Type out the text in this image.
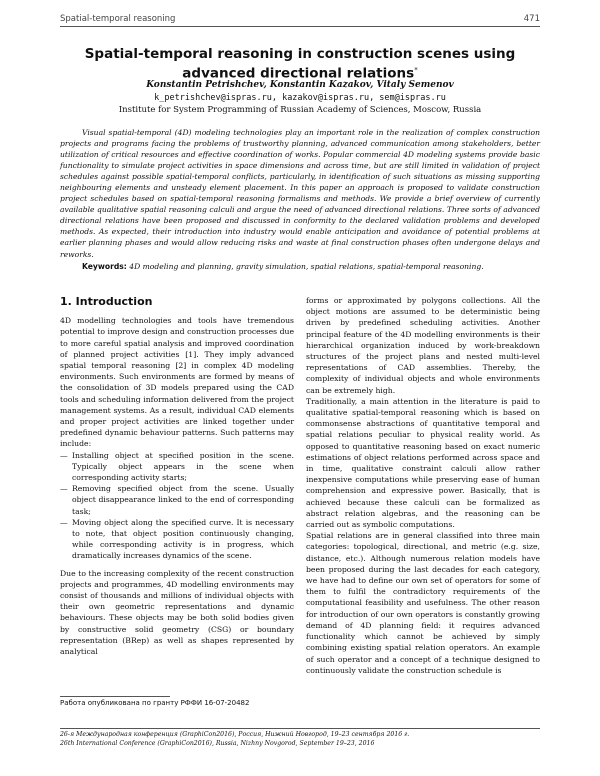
Spatial-temporal reasoning	471
Spatial-temporal reasoning in construction scenes using advanced directional relations*
Konstantin Petrishchev, Konstantin Kazakov, Vitaly Semenov
k_petrishchev@ispras.ru, kazakov@ispras.ru, sem@ispras.ru
Institute for System Programming of Russian Academy of Sciences, Moscow, Russia
Visual spatial-temporal (4D) modeling technologies play an important role in the realization of complex construction projects and programs facing the problems of trustworthy planning, advanced communication among stakeholders, better utilization of critical resources and effective coordination of works. Popular commercial 4D modeling systems provide basic functionality to simulate project activities in space dimensions and across time, but are still limited in validation of project schedules against possible spatial-temporal conflicts, particularly, in identification of such situations as missing supporting neighbouring elements and unsteady element placement. In this paper an approach is proposed to validate construction project schedules based on spatial-temporal reasoning formalisms and methods. We provide a brief overview of currently available qualitative spatial reasoning calculi and argue the need of advanced directional relations. Three sorts of advanced directional relations have been proposed and discussed in conformity to the declared validation problems and developed methods. As expected, their introduction into industry would enable anticipation and avoidance of potential problems at earlier planning phases and would allow reducing risks and waste at final construction phases often undergone delays and reworks.
Keywords: 4D modeling and planning, gravity simulation, spatial relations, spatial-temporal reasoning.
1. Introduction

4D modelling technologies and tools have tremendous potential to improve design and construction processes due to more careful spatial analysis and improved coordination of planned project activities [1]. They imply advanced spatial temporal reasoning [2] in complex 4D modeling environments. Such environments are formed by means of the consolidation of 3D models prepared using the CAD tools and scheduling information delivered from the project management systems. As a result, individual CAD elements and proper project activities are linked together under predefined dynamic behaviour patterns. Such patterns may include:

— Installing object at specified position in the scene. Typically object appears in the scene when corresponding activity starts;
— Removing specified object from the scene. Usually object disappearance linked to the end of corresponding task;
— Moving object along the specified curve. It is necessary to note, that object position continuously changing, while corresponding activity is in progress, which dramatically increases dynamics of the scene.

Due to the increasing complexity of the recent construction projects and programmes, 4D modelling environments may consist of thousands and millions of individual objects with their own geometric representations and dynamic behaviours. These objects may be both solid bodies given by constructive solid geometry (CSG) or boundary representation (BRep) as well as shapes represented by analytical

forms or approximated by polygons collections. All the object motions are assumed to be deterministic being driven by predefined scheduling activities. Another principal feature of the 4D modelling environments is their hierarchical organization induced by work-breakdown structures of the project plans and nested multi-level representations of CAD assemblies. Thereby, the complexity of individual objects and whole environments can be extremely high.

Traditionally, a main attention in the literature is paid to qualitative spatial-temporal reasoning which is based on commonsense abstractions of quantitative temporal and spatial relations peculiar to physical reality world. As opposed to quantitative reasoning based on exact numeric estimations of object relations performed across space and in time, qualitative constraint calculi allow rather inexpensive computations while preserving ease of human comprehension and expressive power. Basically, that is achieved because these calculi can be formalized as abstract relation algebras, and the reasoning can be carried out as symbolic computations.

Spatial relations are in general classified into three main categories: topological, directional, and metric (e.g. size, distance, etc.). Although numerous relation models have been proposed during the last decades for each category, we have had to define our own set of operators for some of them to fulfil the contradictory requirements of the computational feasibility and usefulness. The other reason for introduction of our own operators is constantly growing demand of 4D planning field: it requires advanced functionality which cannot be achieved by simply combining existing spatial relation operators. An example of such operator and a concept of a technique designed to continuously validate the construction schedule is

Работа опубликована по гранту РФФИ 16-07-20482
26-я Международная конференция (GraphiCon2016), Россия, Нижний Новгород, 19–23 сентября 2016 г.
26th International Conference (GraphiCon2016), Russia, Nizhny Novgorod, September 19–23, 2016
